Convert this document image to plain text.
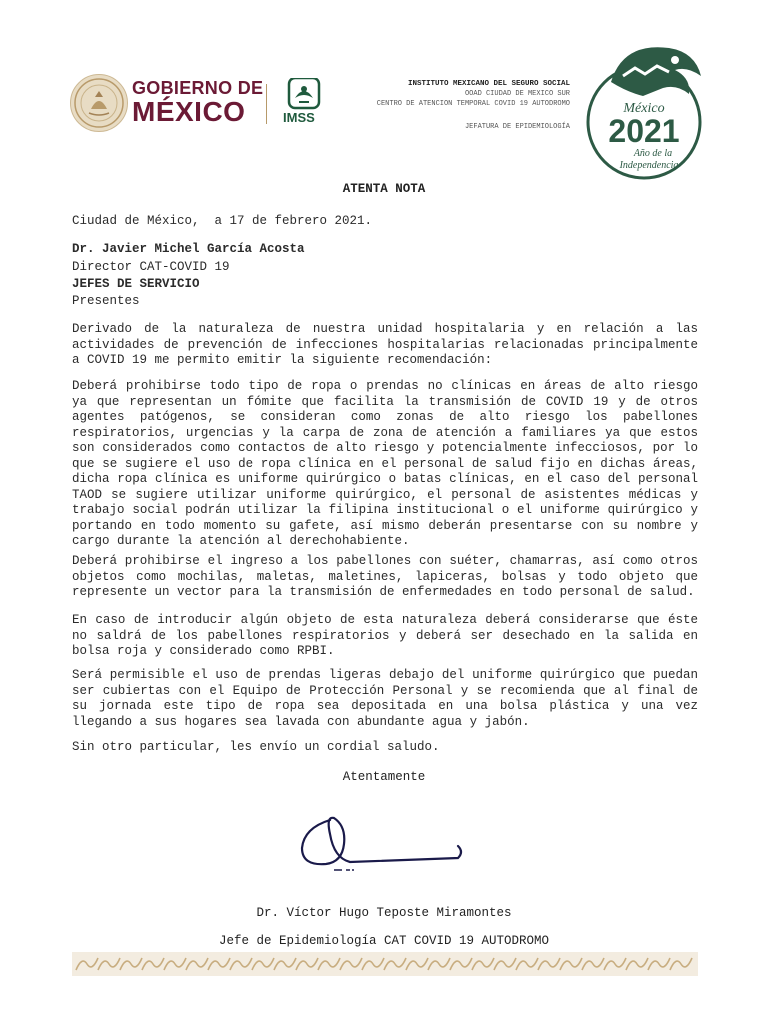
GOBIERNO DE
MÉXICO	IMSS
INSTITUTO MEXICANO DEL SEGURO SOCIAL
OOAD CIUDAD DE MEXICO SUR
CENTRO DE ATENCION TEMPORAL COVID 19 AUTODROMO
JEFATURA DE EPIDEMIOLOGÍA
México
2021
Año de la
Independencia
ATENTA NOTA
Ciudad de México,  a 17 de febrero 2021.
Dr. Javier Michel García Acosta
Director CAT-COVID 19
JEFES DE SERVICIO
Presentes
Derivado de la naturaleza de nuestra unidad hospitalaria y en relación a las actividades de prevención de infecciones hospitalarias relacionadas principalmente a COVID 19 me permito emitir la siguiente recomendación:
Deberá prohibirse todo tipo de ropa o prendas no clínicas en áreas de alto riesgo ya que representan un fómite que facilita la transmisión de COVID 19 y de otros agentes patógenos, se consideran como zonas de alto riesgo los pabellones respiratorios, urgencias y la carpa de zona de atención a familiares ya que estos son considerados como contactos de alto riesgo y potencialmente infecciosos, por lo que se sugiere el uso de ropa clínica en el personal de salud fijo en dichas áreas, dicha ropa clínica es uniforme quirúrgico o batas clínicas, en el caso del personal TAOD se sugiere utilizar uniforme quirúrgico, el personal de asistentes médicas y trabajo social podrán utilizar la filipina institucional o el uniforme quirúrgico y portando en todo momento su gafete, así mismo deberán presentarse con su nombre y cargo durante la atención al derechohabiente.
Deberá prohibirse el ingreso a los pabellones con suéter, chamarras, así como otros objetos como mochilas, maletas, maletines, lapiceras, bolsas y todo objeto que represente un vector para la transmisión de enfermedades en todo personal de salud.
En caso de introducir algún objeto de esta naturaleza deberá considerarse que éste no saldrá de los pabellones respiratorios y deberá ser desechado en la salida en bolsa roja y considerado como RPBI.
Será permisible el uso de prendas ligeras debajo del uniforme quirúrgico que puedan ser cubiertas con el Equipo de Protección Personal y se recomienda que al final de su jornada este tipo de ropa sea depositada en una bolsa plástica y una vez llegando a sus hogares sea lavada con abundante agua y jabón.
Sin otro particular, les envío un cordial saludo.
Atentamente
Dr. Víctor Hugo Teposte Miramontes
Jefe de Epidemiología CAT COVID 19 AUTODROMO
